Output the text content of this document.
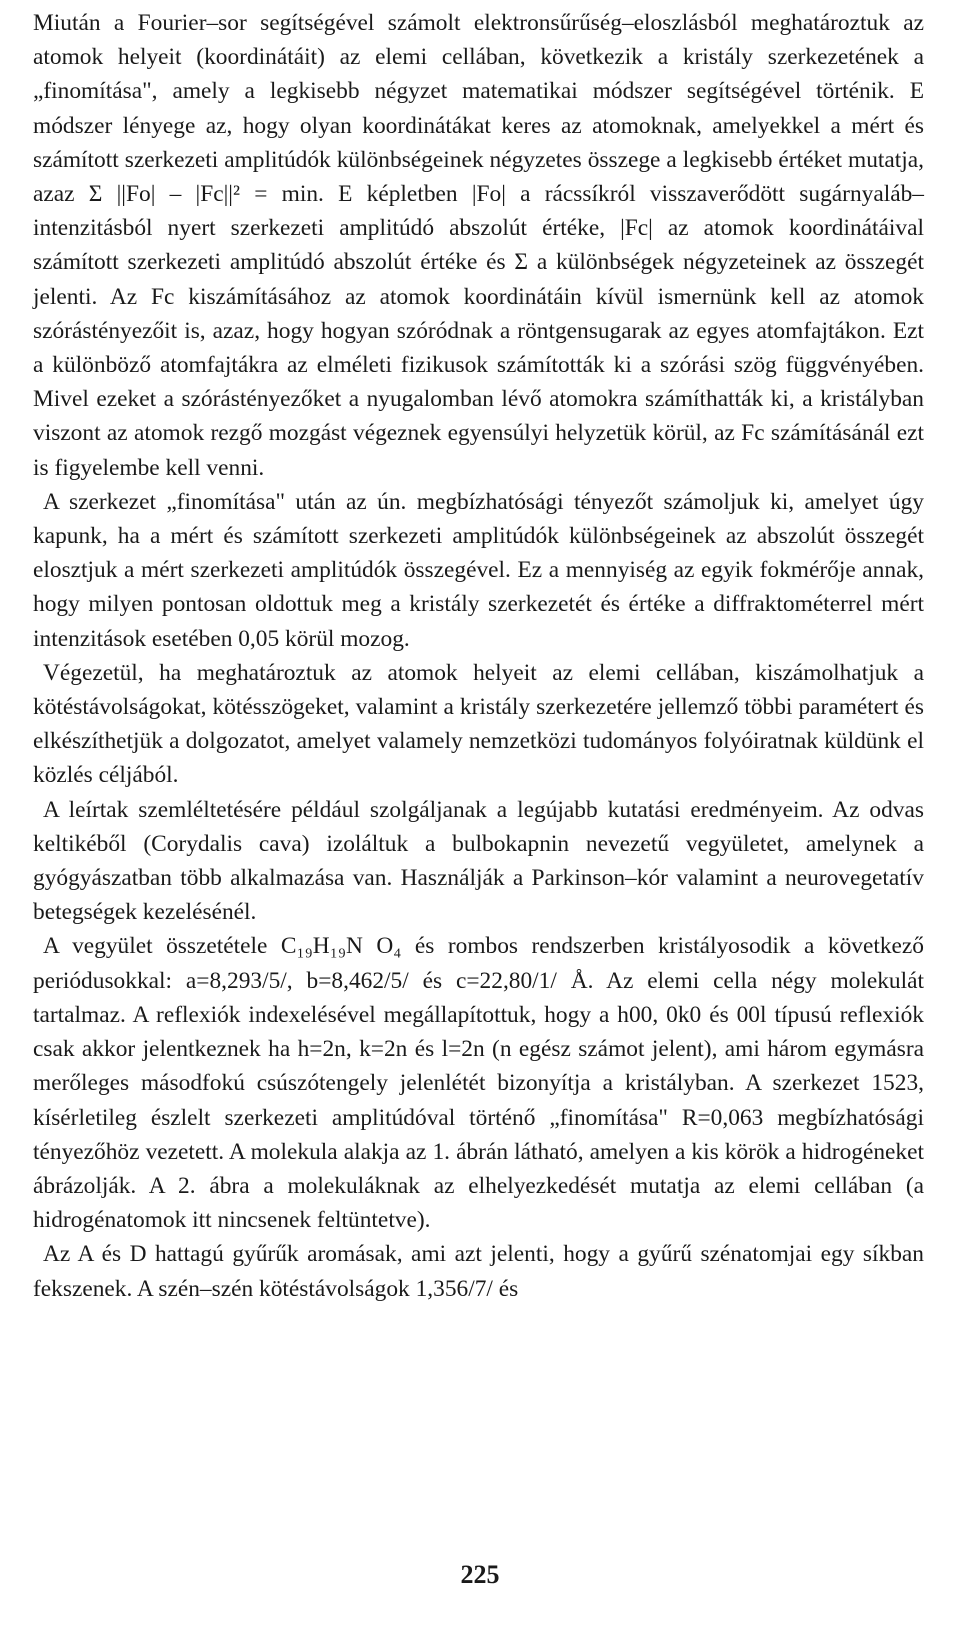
Miután a Fourier–sor segítségével számolt elektronsűrűség–eloszlásból meghatároztuk az atomok helyeit (koordinátáit) az elemi cellában, következik a kristály szerkezetének a „finomítása", amely a legkisebb négyzet matematikai módszer segítségével történik. E módszer lényege az, hogy olyan koordinátákat keres az atomoknak, amelyekkel a mért és számított szerkezeti amplitúdók különbségeinek négyzetes összege a legkisebb értéket mutatja, azaz Σ ||Fo| – |Fc||² = min. E képletben |Fo| a rácssíkról visszaverődött sugárnyaláb–intenzitásból nyert szerkezeti amplitúdó abszolút értéke, |Fc| az atomok koordinátáival számított szerkezeti amplitúdó abszolút értéke és Σ a különbségek négyzeteinek az összegét jelenti. Az Fc kiszámításához az atomok koordinátáin kívül ismernünk kell az atomok szórástényezőit is, azaz, hogy hogyan szóródnak a röntgensugarak az egyes atomfajtákon. Ezt a különböző atomfajtákra az elméleti fizikusok számították ki a szórási szög függvényében. Mivel ezeket a szórástényezőket a nyugalomban lévő atomokra számíthatták ki, a kristályban viszont az atomok rezgő mozgást végeznek egyensúlyi helyzetük körül, az Fc számításánál ezt is figyelembe kell venni.

A szerkezet „finomítása" után az ún. megbízhatósági tényezőt számoljuk ki, amelyet úgy kapunk, ha a mért és számított szerkezeti amplitúdók különbségeinek az abszolút összegét elosztjuk a mért szerkezeti amplitúdók összegével. Ez a mennyiség az egyik fokmérője annak, hogy milyen pontosan oldottuk meg a kristály szerkezetét és értéke a diffraktométerrel mért intenzitások esetében 0,05 körül mozog.

Végezetül, ha meghatároztuk az atomok helyeit az elemi cellában, kiszámolhatjuk a kötéstávolságokat, kötésszögeket, valamint a kristály szerkezetére jellemző többi paramétert és elkészíthetjük a dolgozatot, amelyet valamely nemzetközi tudományos folyóiratnak küldünk el közlés céljából.

A leírtak szemléltetésére például szolgáljanak a legújabb kutatási eredményeim. Az odvas keltikéből (Corydalis cava) izoláltuk a bulbokapnin nevezetű vegyületet, amelynek a gyógyászatban több alkalmazása van. Használják a Parkinson–kór valamint a neurovegetatív betegségek kezelésénél.

A vegyület összetétele C₁₉H₁₉N O₄ és rombos rendszerben kristályosodik a következő periódusokkal: a=8,293/5/, b=8,462/5/ és c=22,80/1/ Å. Az elemi cella négy molekulát tartalmaz. A reflexiók indexelésével megállapítottuk, hogy a h00, 0k0 és 00l típusú reflexiók csak akkor jelentkeznek ha h=2n, k=2n és l=2n (n egész számot jelent), ami három egymásra merőleges másodfokú csúszótengely jelenlétét bizonyítja a kristályban. A szerkezet 1523, kísérletileg észlelt szerkezeti amplitúdóval történő „finomítása" R=0,063 megbízhatósági tényezőhöz vezetett. A molekula alakja az 1. ábrán látható, amelyen a kis körök a hidrogéneket ábrázolják. A 2. ábra a molekuláknak az elhelyezkedését mutatja az elemi cellában (a hidrogénatomok itt nincsenek feltüntetve).

Az A és D hattagú gyűrűk aromásak, ami azt jelenti, hogy a gyűrű szénatomjai egy síkban fekszenek. A szén–szén kötéstávolságok 1,356/7/ és

225
